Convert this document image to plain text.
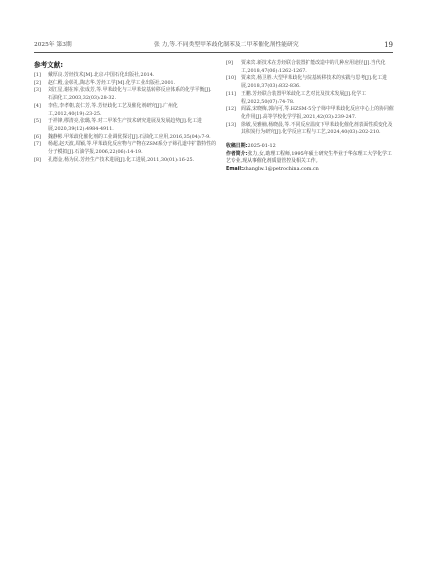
2025年 第3期	张 力,等.不同类型甲苯歧化制苯及二甲苯催化剂性能研究	19
参考文献:

[1] 戴厚良.芳烃技术[M].北京:中国石化出版社,2014.

[2] 赵仁殿,金彰礼,陶志华.芳烃工学[M].化学工业出版社,2001.

[3] 刘江星,谢在库,张成芳,等.甲苯歧化与三甲苯烷基转移反应体系的化学平衡[J].石油化工,2003,32(03):28-32.

[4] 李佐,李孝朝,袁仁芳,等.芳烃歧化工艺及催化剂研究[J].广州化工,2012,40(19):23-25.

[5] 于祥锋,缪清亮,张璐,等.对二甲苯生产技术研究进展及发展趋势[J].化工进展,2020,39(12):4984-4911.

[6] 魏静彬.甲苯歧化催化剂的工业调优探讨[J].石油化工应用,2016,35(04):7-9.

[7] 杨超,赵天波,周颖,等.甲苯歧化反应物与产物在ZSM系分子筛孔道中扩散特性的分子模拟[J].石油学报,2006,22(06):14-19.

[8] 孔德金,杨为民.芳烃生产技术进展[J].化工进展,2011,30(01):16-25.

[9] 贾来宾.新技术在芳烃联合装置扩能改造中的几种应用途径[J].当代化工,2018,47(06):1262-1267.

[10] 贾来宾,杨卫胜.大型甲苯歧化与烷基转移技术的实践与思考[J].化工进展,2018,37(03):832-836.

[11] 王鹏.芳烃联合装置甲苯歧化工艺对比及技术发展[J].化学工程,2022,50(07):74-78.

[12] 阎霖,宋晓梅,郭向可,等.HZSM-5分子筛中甲苯歧化反应中心上的协同催化作用[J].高等学校化学学报,2021,42(03):239-247.

[13] 徐敏,吴雅楠,杨晓晨,等.不同反应温度下甲苯歧化催化剂表面性质变化及其积炭行为研究[J].化学反应工程与工艺,2024,40(03):202-210.

收稿日期:2025-01-12

作者简介:张力,女,助理工程师,1995年硕士研究生毕业于华东理工大学化学工艺专业,现从事催化剂质量管控及相关工作。

Email:zhanglw.1@petrochina.com.cn
